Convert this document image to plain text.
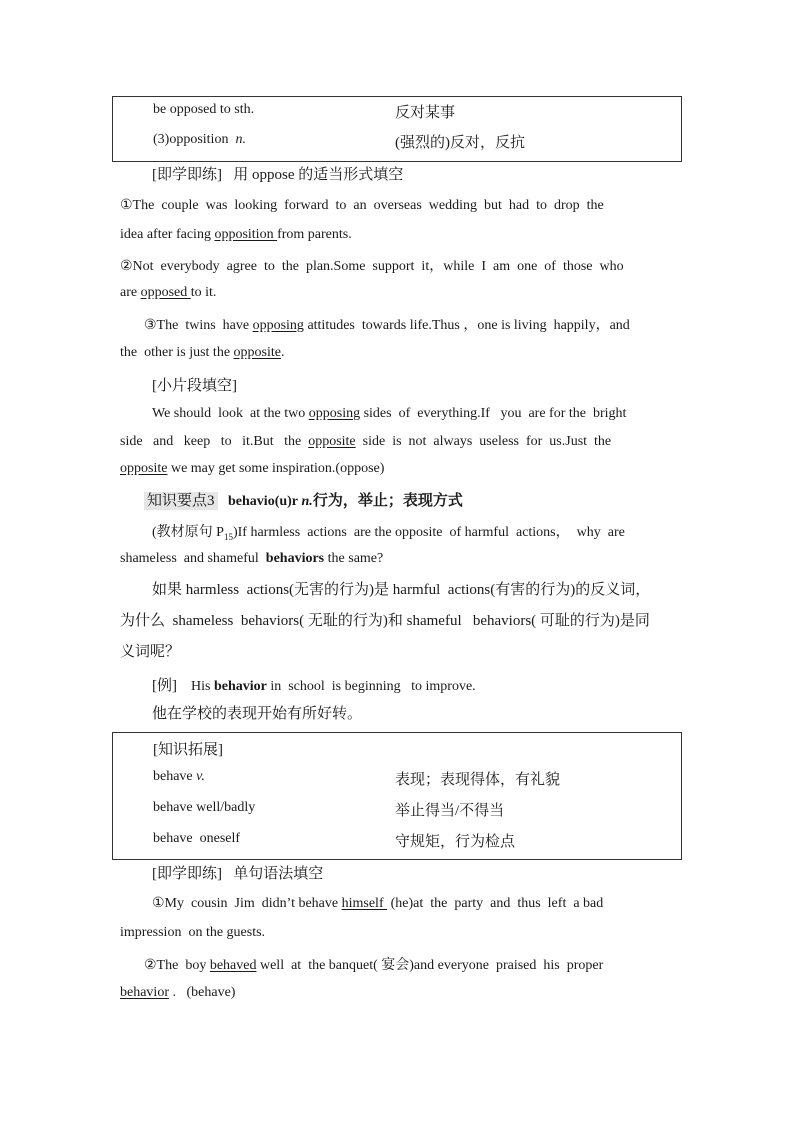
be opposed to sth.	反对某事
(3)opposition  n.	(强烈的)反对，反抗
[即学即练] 用 oppose 的适当形式填空
①The  couple  was  looking  forward  to  an  overseas  wedding  but  had  to  drop  the
idea after facing opposition from parents.
②Not  everybody  agree  to  the  plan.Some  support  it，while  I  am  one  of  those  who
are opposed to it.
③The  twins  have opposing attitudes  towards life.Thus ，one is living  happily，and
the  other is just the opposite.
[小片段填空]
We should  look  at the two opposing sides  of  everything.If   you  are for the  bright
side   and   keep   to   it.But   the  opposite  side  is  not  always  useless  for  us.Just  the
opposite we may get some inspiration.(oppose)
知识要点3 behavio(u)r n.行为，举止；表现方式
(教材原句 $P_{15})If$ harmless  actions  are the opposite  of harmful  actions，  why  are
shameless  and shameful  behaviors the same?
如果 harmless  actions(无害的行为)是 harmful  actions(有害的行为)的反义词，
为什么  shameless  behaviors( 无耻的行为)和 shameful   behaviors( 可耻的行为)是同
义词呢？
[例] His behavior in  school  is beginning   to improve.
他在学校的表现开始有所好转。
[知识拓展]
behave v.	表现；表现得体，有礼貌
behave well/badly	举止得当/不得当
behave  oneself	守规矩，行为检点
[即学即练] 单句语法填空
①My  cousin  Jim  didn’t behave himself  (he)at  the  party  and  thus  left  a bad
impression  on the guests.
②The  boy behaved well  at  the banquet( 宴会)and everyone  praised  his  proper
behavior .   (behave)
